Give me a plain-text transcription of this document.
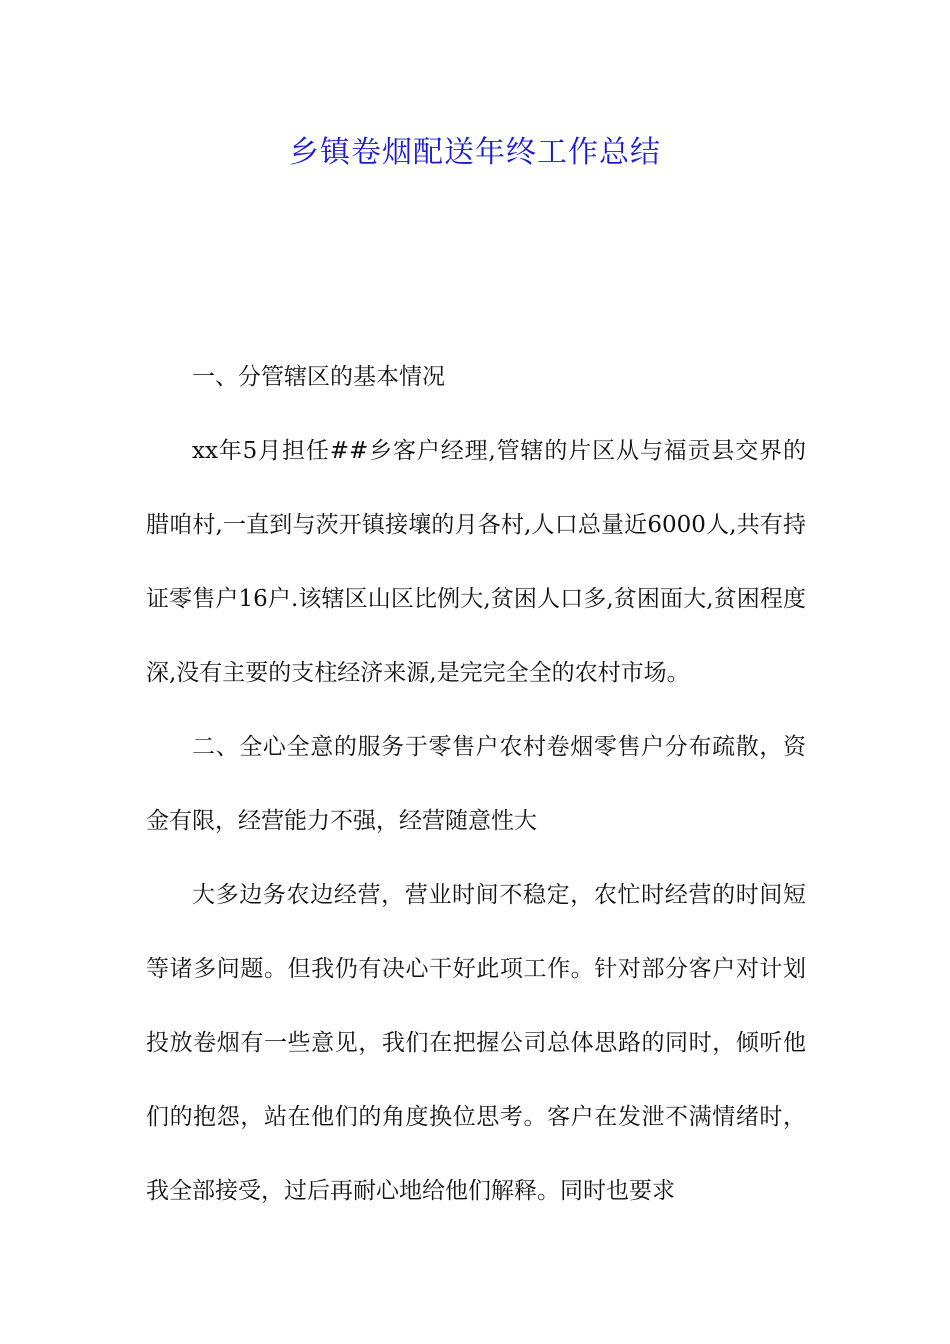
乡镇卷烟配送年终工作总结

一、分管辖区的基本情况

xx年5月担任##乡客户经理,管辖的片区从与福贡县交界的腊咱村,一直到与茨开镇接壤的月各村,人口总量近6000人,共有持证零售户16户.该辖区山区比例大,贫困人口多,贫困面大,贫困程度深,没有主要的支柱经济来源,是完完全全的农村市场。

二、全心全意的服务于零售户农村卷烟零售户分布疏散，资金有限，经营能力不强，经营随意性大

大多边务农边经营，营业时间不稳定，农忙时经营的时间短等诸多问题。但我仍有决心干好此项工作。针对部分客户对计划投放卷烟有一些意见，我们在把握公司总体思路的同时，倾听他们的抱怨，站在他们的角度换位思考。客户在发泄不满情绪时，我全部接受，过后再耐心地给他们解释。同时也要求
